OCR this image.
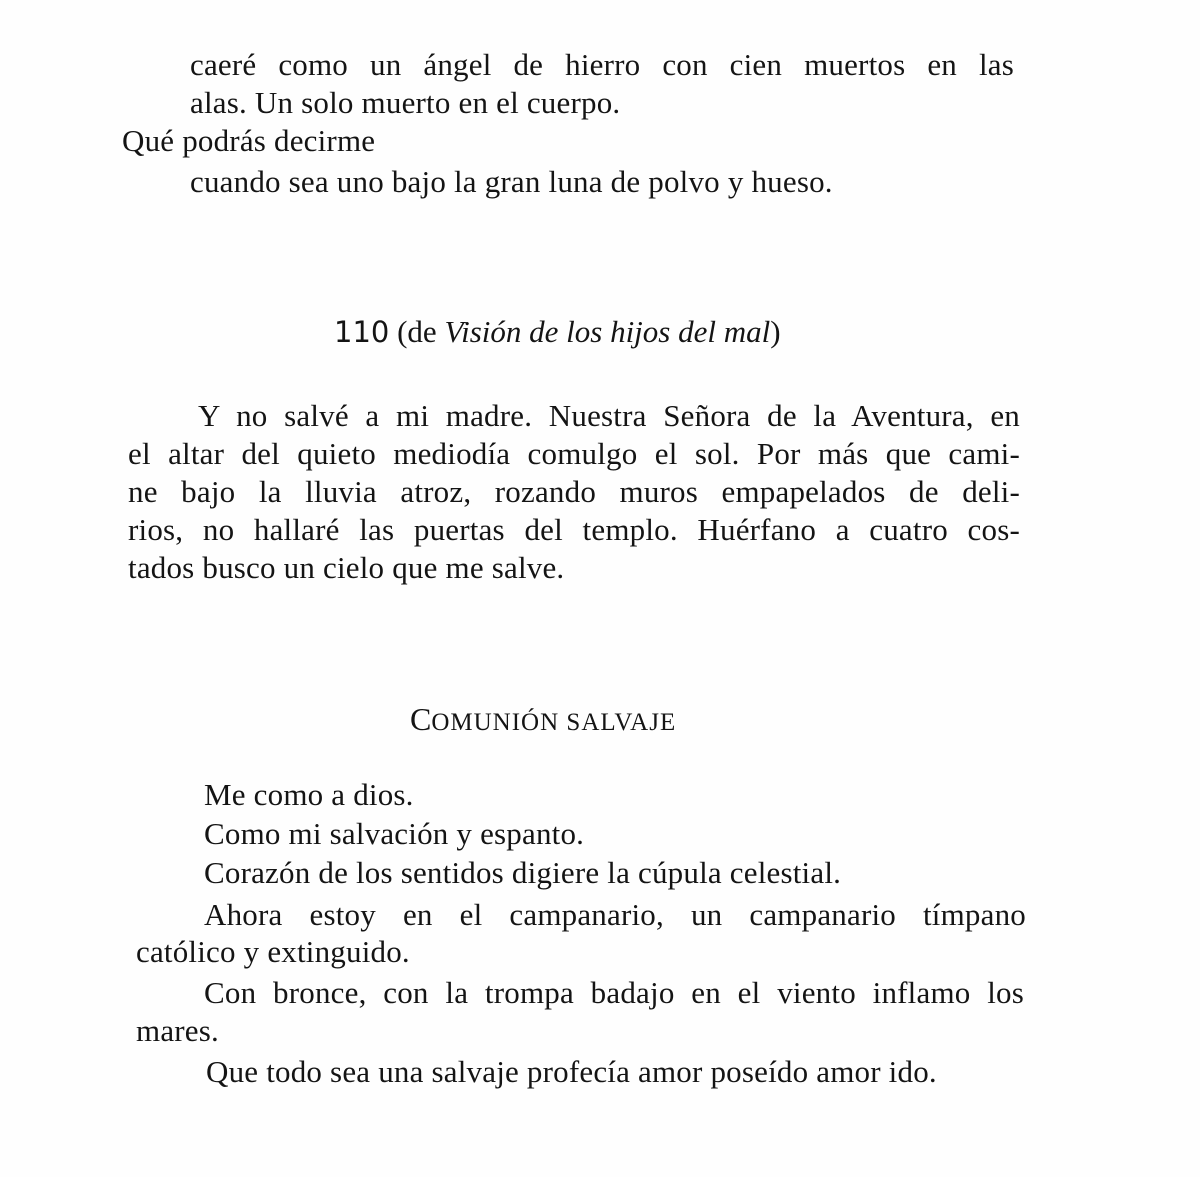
caeré como un ángel de hierro con cien muertos en las
alas. Un solo muerto en el cuerpo.
Qué podrás decirme
cuando sea uno bajo la gran luna de polvo y hueso.
110 (de Visión de los hijos del mal)
Y no salvé a mi madre. Nuestra Señora de la Aventura, en
el altar del quieto mediodía comulgo el sol. Por más que cami-
ne bajo la lluvia atroz, rozando muros empapelados de deli-
rios, no hallaré las puertas del templo. Huérfano a cuatro cos-
tados busco un cielo que me salve.
COMUNIÓN SALVAJE
Me como a dios.
Como mi salvación y espanto.
Corazón de los sentidos digiere la cúpula celestial.
Ahora estoy en el campanario, un campanario tímpano
católico y extinguido.
Con bronce, con la trompa badajo en el viento inflamo los
mares.
Que todo sea una salvaje profecía amor poseído amor ido.
